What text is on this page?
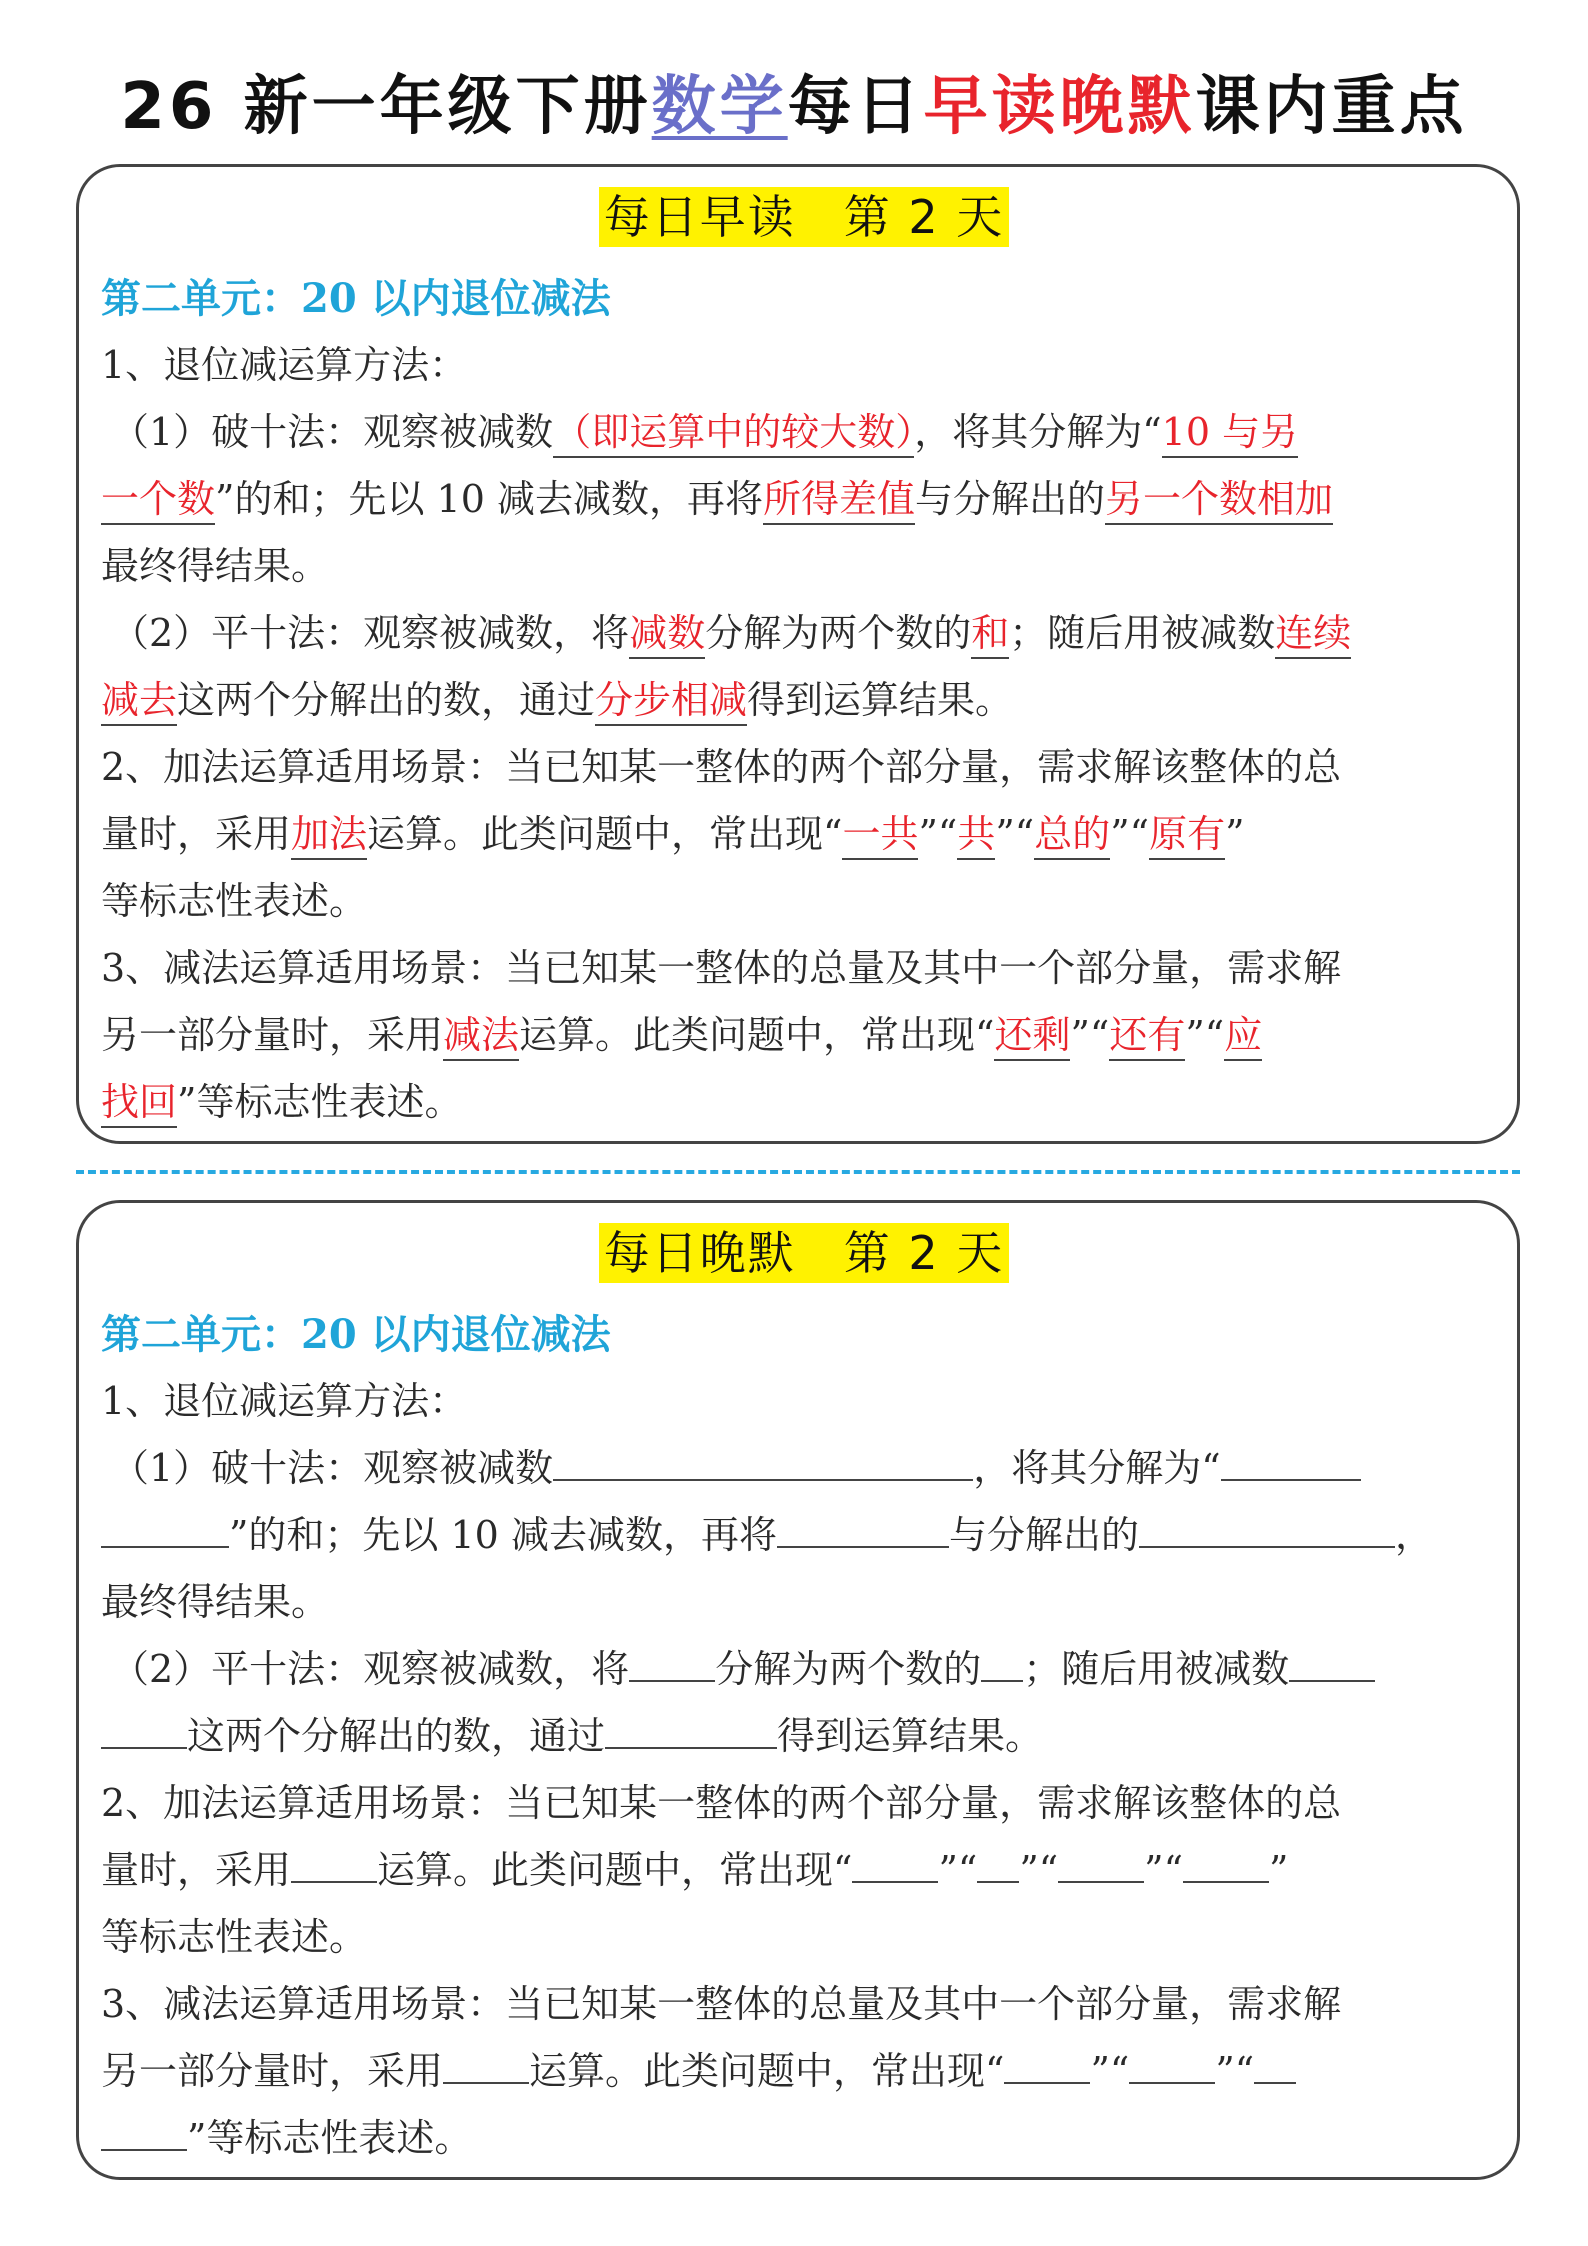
26 新一年级下册数学每日早读晚默课内重点
每日早读　第 2 天
第二单元：20 以内退位减法
1、退位减运算方法：
（1）破十法：观察被减数（即运算中的较大数），将其分解为“10 与另
一个数”的和；先以 10 减去减数，再将所得差值与分解出的另一个数相加
最终得结果。
（2）平十法：观察被减数，将减数分解为两个数的和；随后用被减数连续
减去这两个分解出的数，通过分步相减得到运算结果。
2、加法运算适用场景：当已知某一整体的两个部分量，需求解该整体的总
量时，采用加法运算。此类问题中，常出现“一共”“共”“总的”“原有”
等标志性表述。
3、减法运算适用场景：当已知某一整体的总量及其中一个部分量，需求解
另一部分量时，采用减法运算。此类问题中，常出现“还剩”“还有”“应
找回”等标志性表述。
每日晚默　第 2 天
第二单元：20 以内退位减法
1、退位减运算方法：
（1）破十法：观察被减数	，将其分解为“
”的和；先以 10 减去减数，再将	与分解出的	，
最终得结果。
（2）平十法：观察被减数，将 分解为两个数的 ；随后用被减数
这两个分解出的数，通过	得到运算结果。
2、加法运算适用场景：当已知某一整体的两个部分量，需求解该整体的总
量时，采用 运算。此类问题中，常出现“ ”“ ”“ ”“ ”
等标志性表述。
3、减法运算适用场景：当已知某一整体的总量及其中一个部分量，需求解
另一部分量时，采用 运算。此类问题中，常出现“ ”“ ”“
”等标志性表述。
